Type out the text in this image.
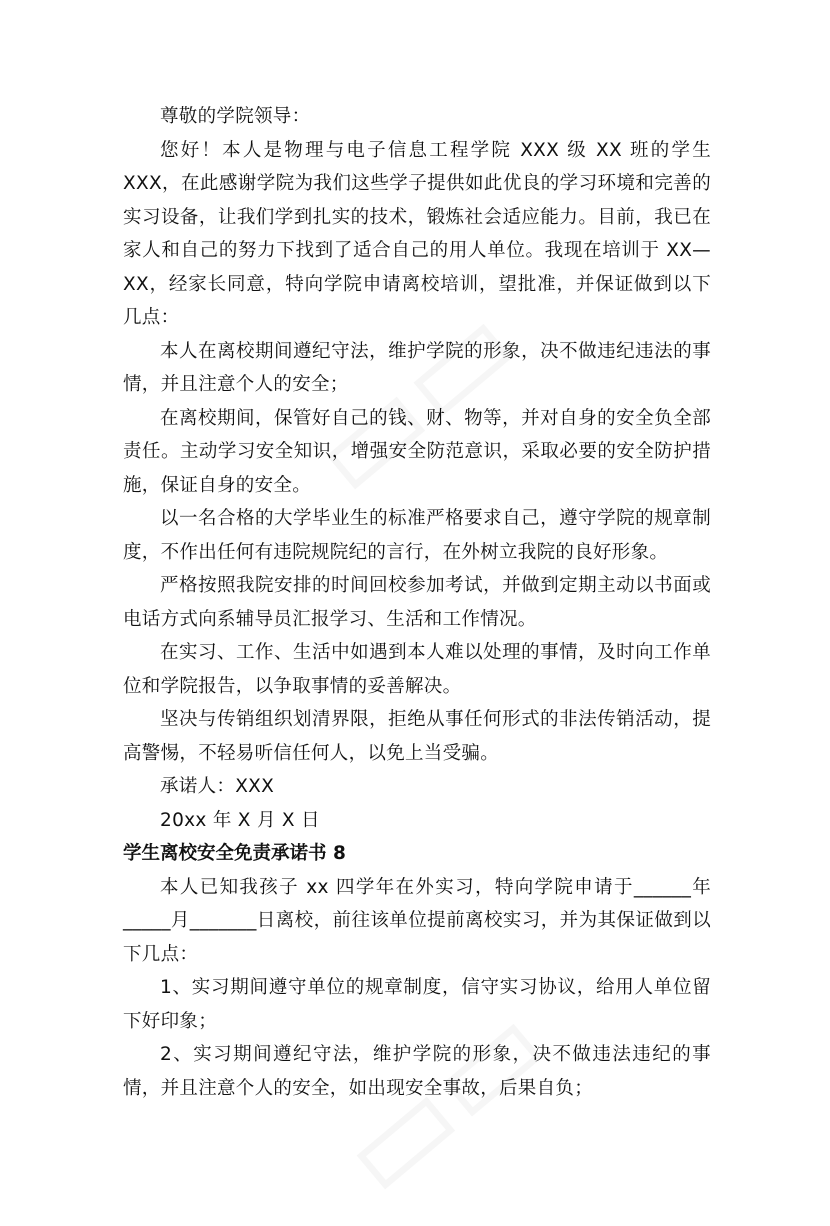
尊敬的学院领导：

您好！本人是物理与电子信息工程学院 XXX 级 XX 班的学生 XXX，在此感谢学院为我们这些学子提供如此优良的学习环境和完善的实习设备，让我们学到扎实的技术，锻炼社会适应能力。目前，我已在家人和自己的努力下找到了适合自己的用人单位。我现在培训于 XX—XX，经家长同意，特向学院申请离校培训，望批准，并保证做到以下几点：

本人在离校期间遵纪守法，维护学院的形象，决不做违纪违法的事情，并且注意个人的安全；

在离校期间，保管好自己的钱、财、物等，并对自身的安全负全部责任。主动学习安全知识，增强安全防范意识，采取必要的安全防护措施，保证自身的安全。

以一名合格的大学毕业生的标准严格要求自己，遵守学院的规章制度，不作出任何有违院规院纪的言行，在外树立我院的良好形象。

严格按照我院安排的时间回校参加考试，并做到定期主动以书面或电话方式向系辅导员汇报学习、生活和工作情况。

在实习、工作、生活中如遇到本人难以处理的事情，及时向工作单位和学院报告，以争取事情的妥善解决。

坚决与传销组织划清界限，拒绝从事任何形式的非法传销活动，提高警惕，不轻易听信任何人，以免上当受骗。

承诺人：XXX

20xx 年 X 月 X 日

学生离校安全免责承诺书 8

本人已知我孩子 xx 四学年在外实习，特向学院申请于______年_____月_______日离校，前往该单位提前离校实习，并为其保证做到以下几点：

1、实习期间遵守单位的规章制度，信守实习协议，给用人单位留下好印象；

2、实习期间遵纪守法，维护学院的形象，决不做违法违纪的事情，并且注意个人的安全，如出现安全事故，后果自负；
